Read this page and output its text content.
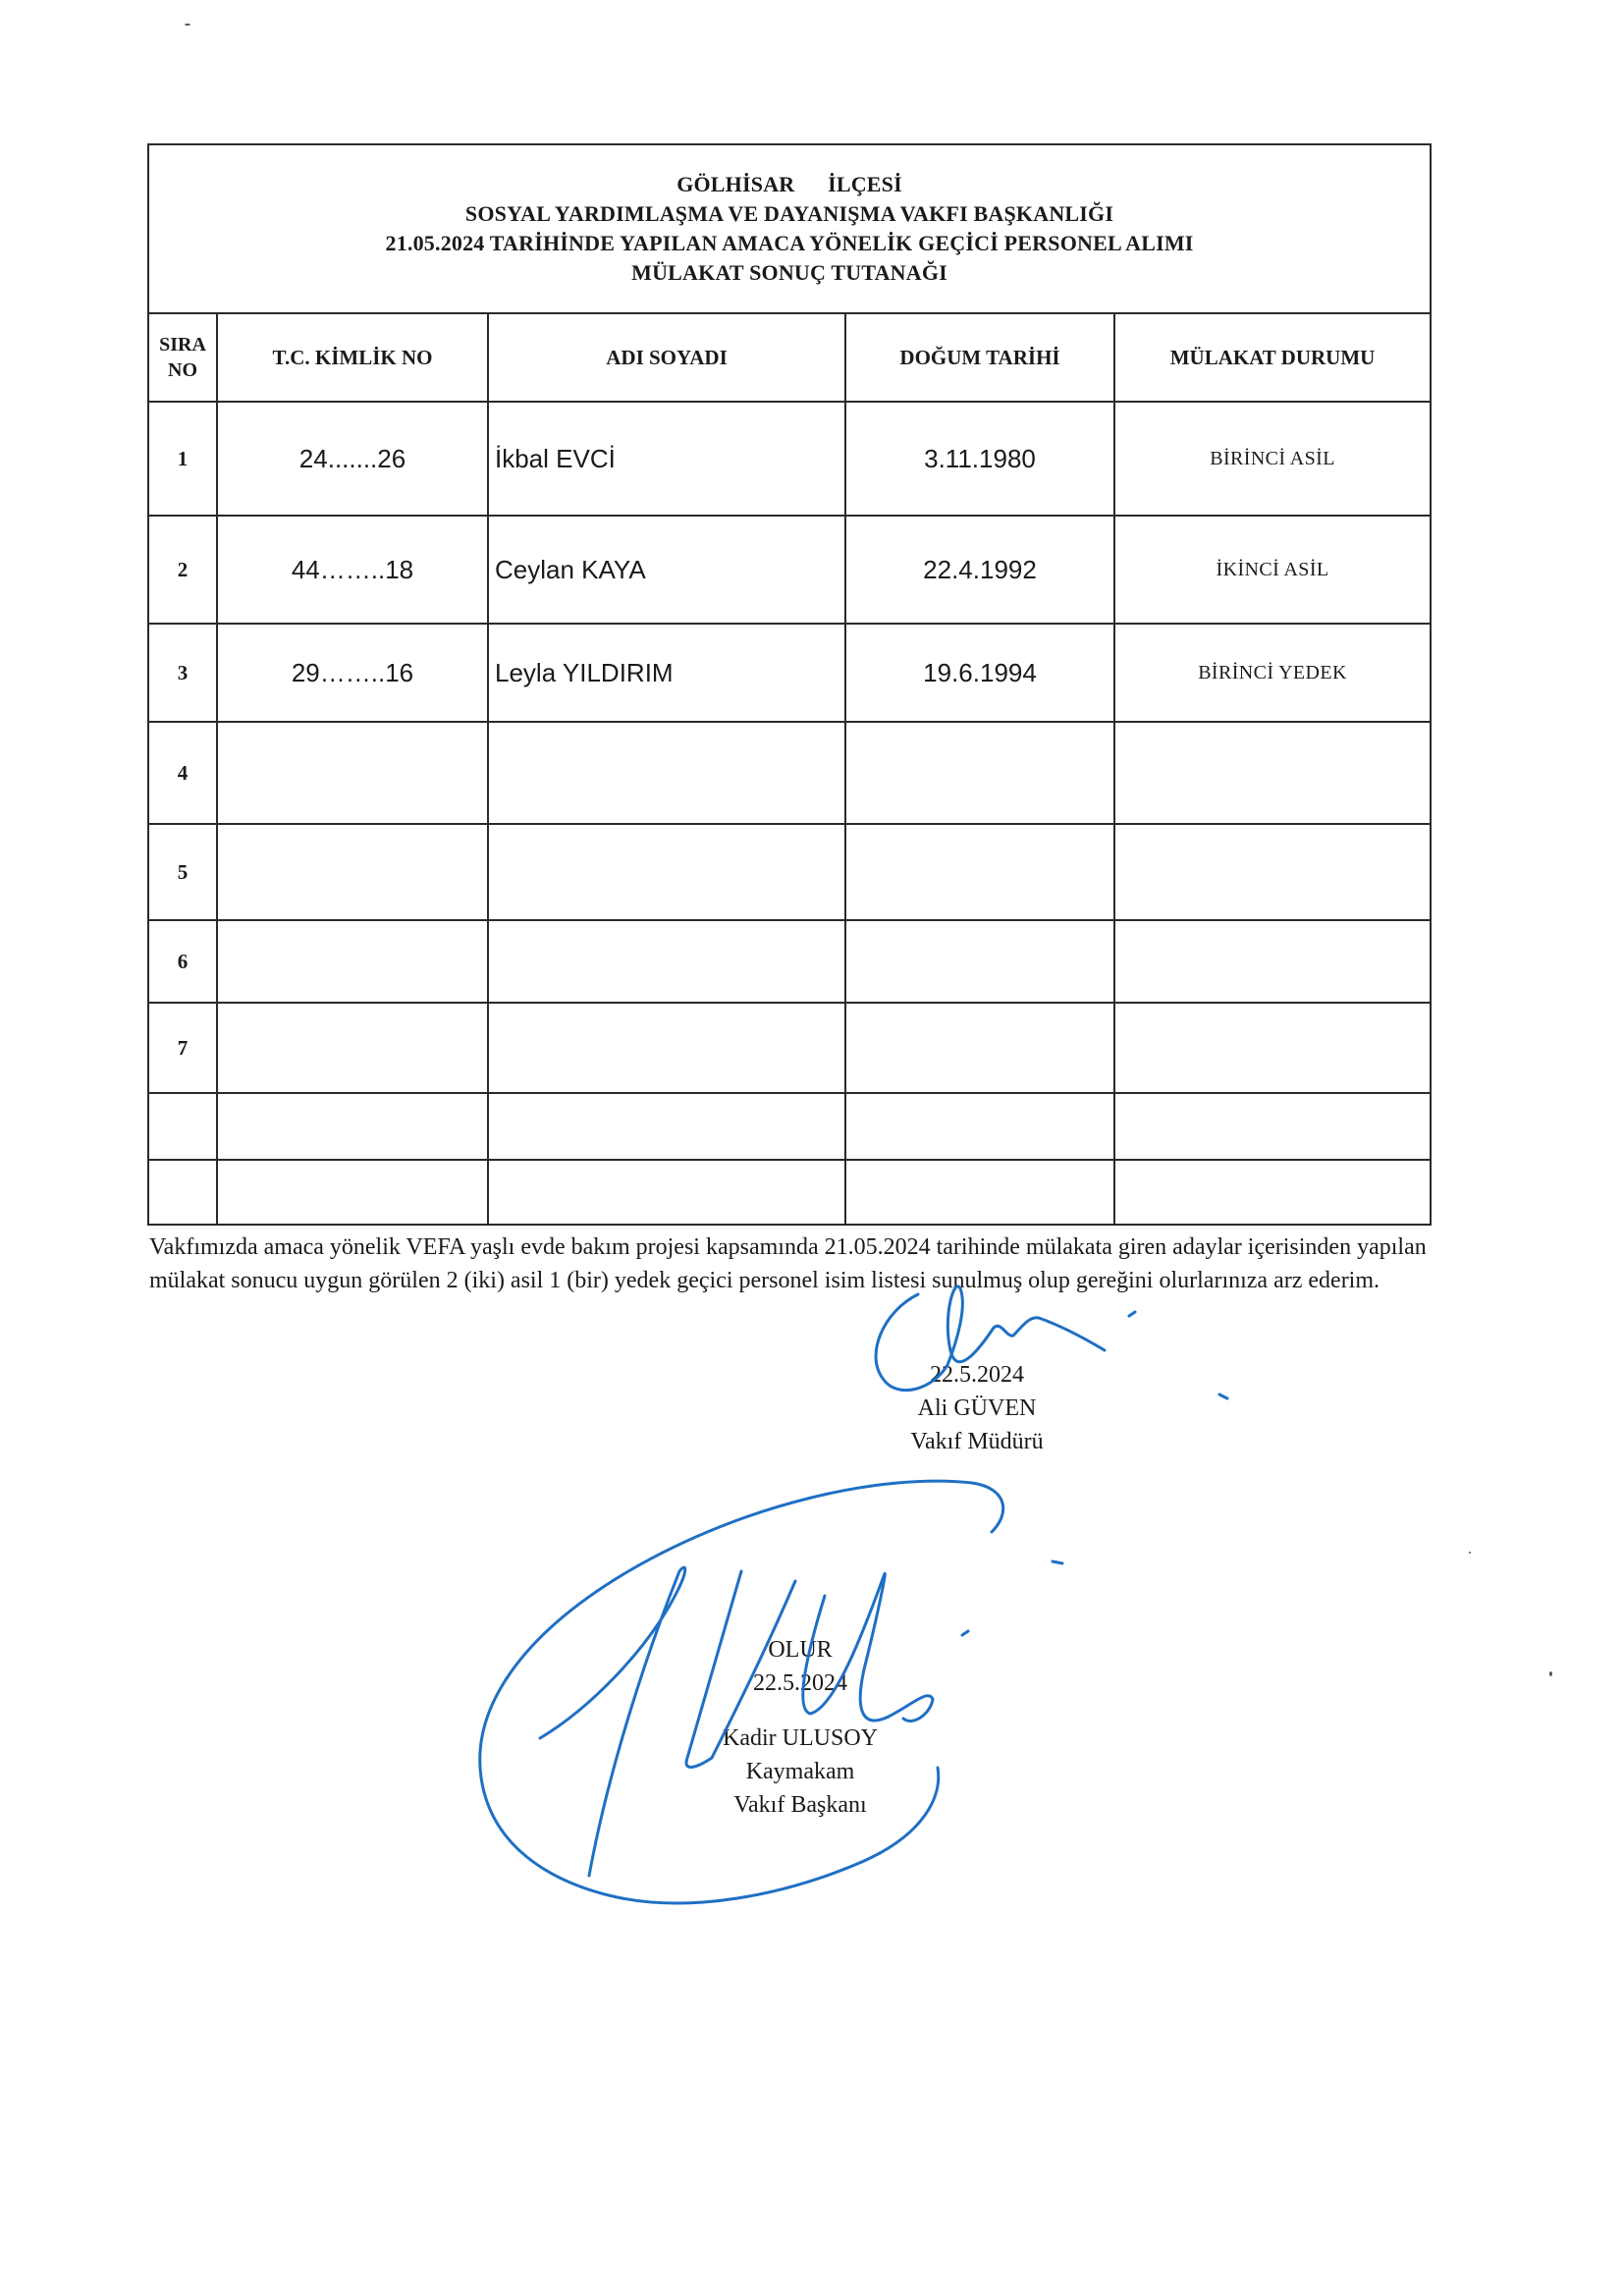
GÖLHİSAR İLÇESİ
SOSYAL YARDIMLAŞMA VE DAYANIŞMA VAKFI BAŞKANLIĞI
21.05.2024 TARİHİNDE YAPILAN AMACA YÖNELİK GEÇİCİ PERSONEL ALIMI
MÜLAKAT SONUÇ TUTANAĞI				

SIRA
NO	T.C. KİMLİK NO	ADI SOYADI	DOĞUM TARİHİ	MÜLAKAT DURUMU
1	24.......26	İkbal EVCİ	3.11.1980	BİRİNCİ ASİL
2	44……..18	Ceylan KAYA	22.4.1992	İKİNCİ ASİL
3	29……..16	Leyla YILDIRIM	19.6.1994	BİRİNCİ YEDEK
4				
5				
6				
7				

Vakfımızda amaca yönelik VEFA yaşlı evde bakım projesi kapsamında 21.05.2024 tarihinde mülakata giren adaylar içerisinden yapılan mülakat sonucu uygun görülen 2 (iki) asil 1 (bir) yedek geçici personel isim listesi sunulmuş olup gereğini olurlarınıza arz ederim.
22.5.2024
Ali GÜVEN
Vakıf Müdürü
OLUR
22.5.2024
Kadir ULUSOY
Kaymakam
Vakıf Başkanı
